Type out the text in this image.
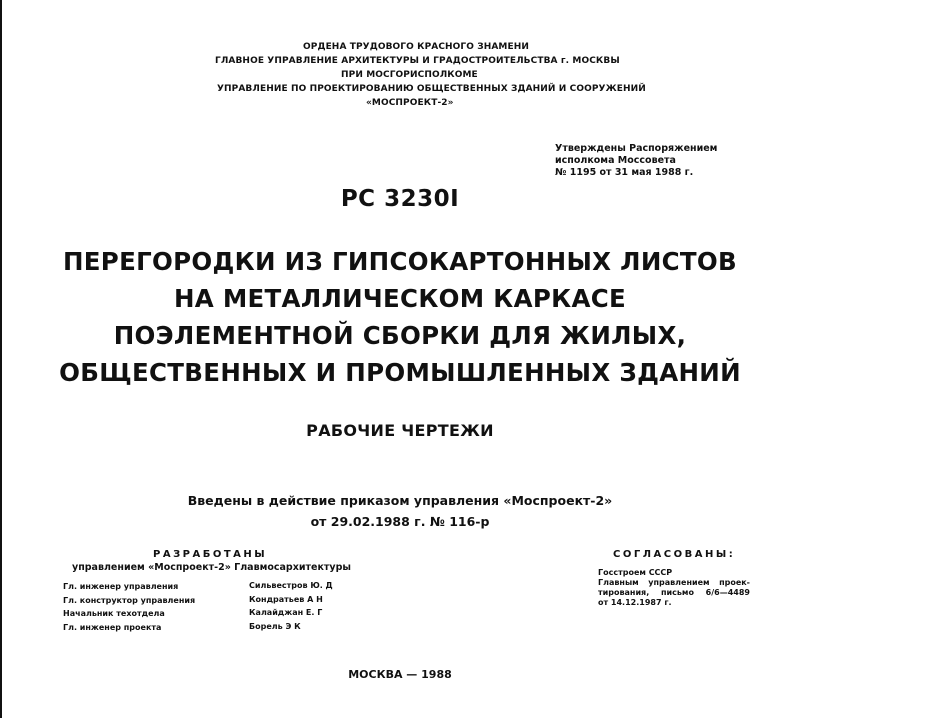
ОРДЕНА ТРУДОВОГО КРАСНОГО ЗНАМЕНИ
ГЛАВНОЕ УПРАВЛЕНИЕ АРХИТЕКТУРЫ И ГРАДОСТРОИТЕЛЬСТВА г. МОСКВЫ
ПРИ МОСГОРИСПОЛКОМЕ
УПРАВЛЕНИЕ ПО ПРОЕКТИРОВАНИЮ ОБЩЕСТВЕННЫХ ЗДАНИЙ И СООРУЖЕНИЙ
«МОСПРОЕКТ-2»
Утверждены Распоряжением
исполкома Моссовета
№ 1195 от 31 мая 1988 г.
РС 3230І
ПЕРЕГОРОДКИ ИЗ ГИПСОКАРТОННЫХ ЛИСТОВ
НА МЕТАЛЛИЧЕСКОМ КАРКАСЕ
ПОЭЛЕМЕНТНОЙ СБОРКИ ДЛЯ ЖИЛЫХ,
ОБЩЕСТВЕННЫХ И ПРОМЫШЛЕННЫХ ЗДАНИЙ
РАБОЧИЕ ЧЕРТЕЖИ
Введены в действие приказом управления «Моспроект-2»
от 29.02.1988 г. № 116-р
РАЗРАБОТАНЫ
управлением «Моспроект-2» Главмосархитектуры
Гл. инженер управления	Сильвестров Ю. Д
Гл. конструктор управления	Кондратьев А Н
Начальник техотдела	Калайджан Е. Г
Гл. инженер проекта	Борель Э К
СОГЛАСОВАНЫ:
Госстроем СССР
Главным управлением проек-
тирования, письмо 6/6—4489
от 14.12.1987 г.
МОСКВА — 1988
